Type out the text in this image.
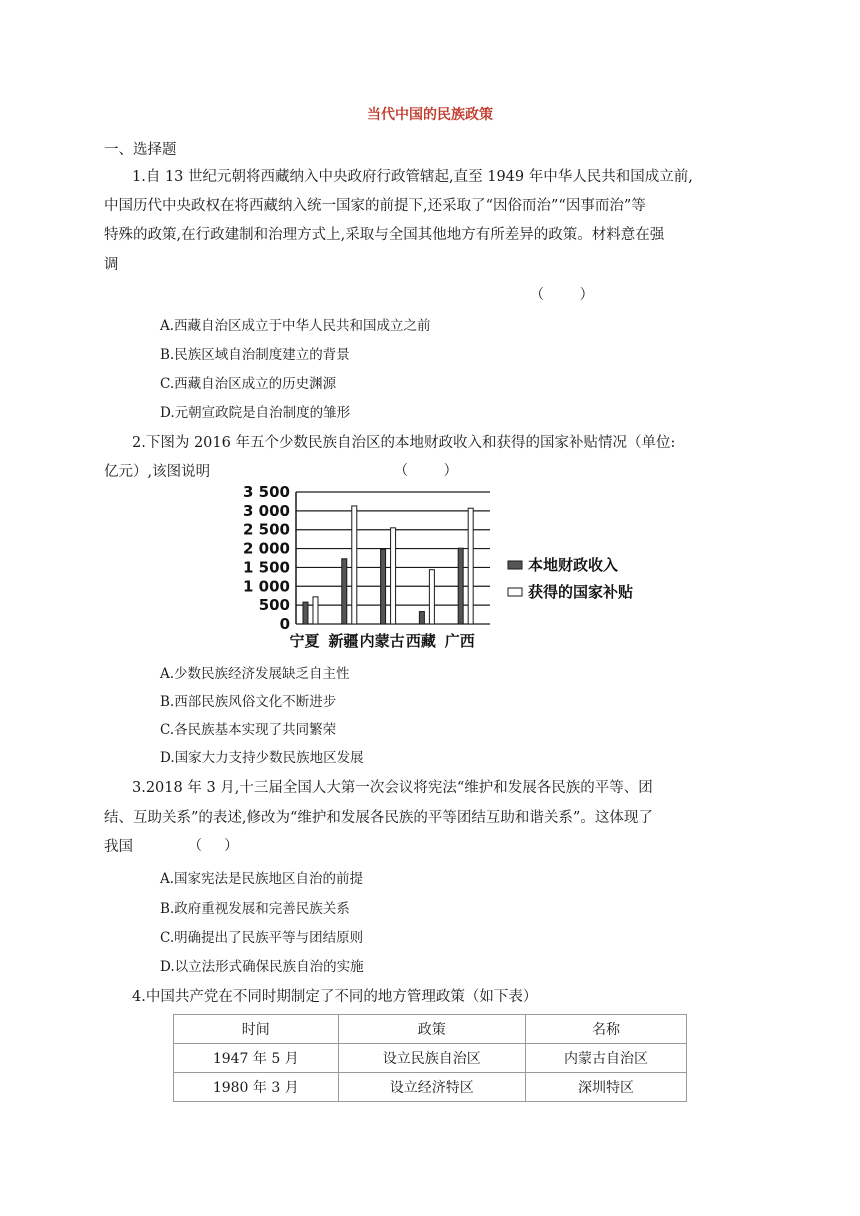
当代中国的民族政策
一、选择题
1.自 13 世纪元朝将西藏纳入中央政府行政管辖起,直至 1949 年中华人民共和国成立前,
中国历代中央政权在将西藏纳入统一国家的前提下,还采取了“因俗而治”“因事而治”等
特殊的政策,在行政建制和治理方式上,采取与全国其他地方有所差异的政策。材料意在强
调
（        ）
A.西藏自治区成立于中华人民共和国成立之前
B.民族区域自治制度建立的背景
C.西藏自治区成立的历史渊源
D.元朝宣政院是自治制度的雏形
2.下图为 2016 年五个少数民族自治区的本地财政收入和获得的国家补贴情况（单位:
亿元）,该图说明	（        ）
3 500
3 000
2 500
2 000
1 500
1 000
500
0
宁夏 新疆 内蒙古 西藏 广西
本地财政收入
获得的国家补贴
A.少数民族经济发展缺乏自主性
B.西部民族风俗文化不断进步
C.各民族基本实现了共同繁荣
D.国家大力支持少数民族地区发展
3.2018 年 3 月,十三届全国人大第一次会议将宪法“维护和发展各民族的平等、团
结、互助关系”的表述,修改为“维护和发展各民族的平等团结互助和谐关系”。这体现了
我国	（     ）
A.国家宪法是民族地区自治的前提
B.政府重视发展和完善民族关系
C.明确提出了民族平等与团结原则
D.以立法形式确保民族自治的实施
4.中国共产党在不同时期制定了不同的地方管理政策（如下表）
时间	政策	名称
1947 年 5 月	设立民族自治区	内蒙古自治区
1980 年 3 月	设立经济特区	深圳特区
